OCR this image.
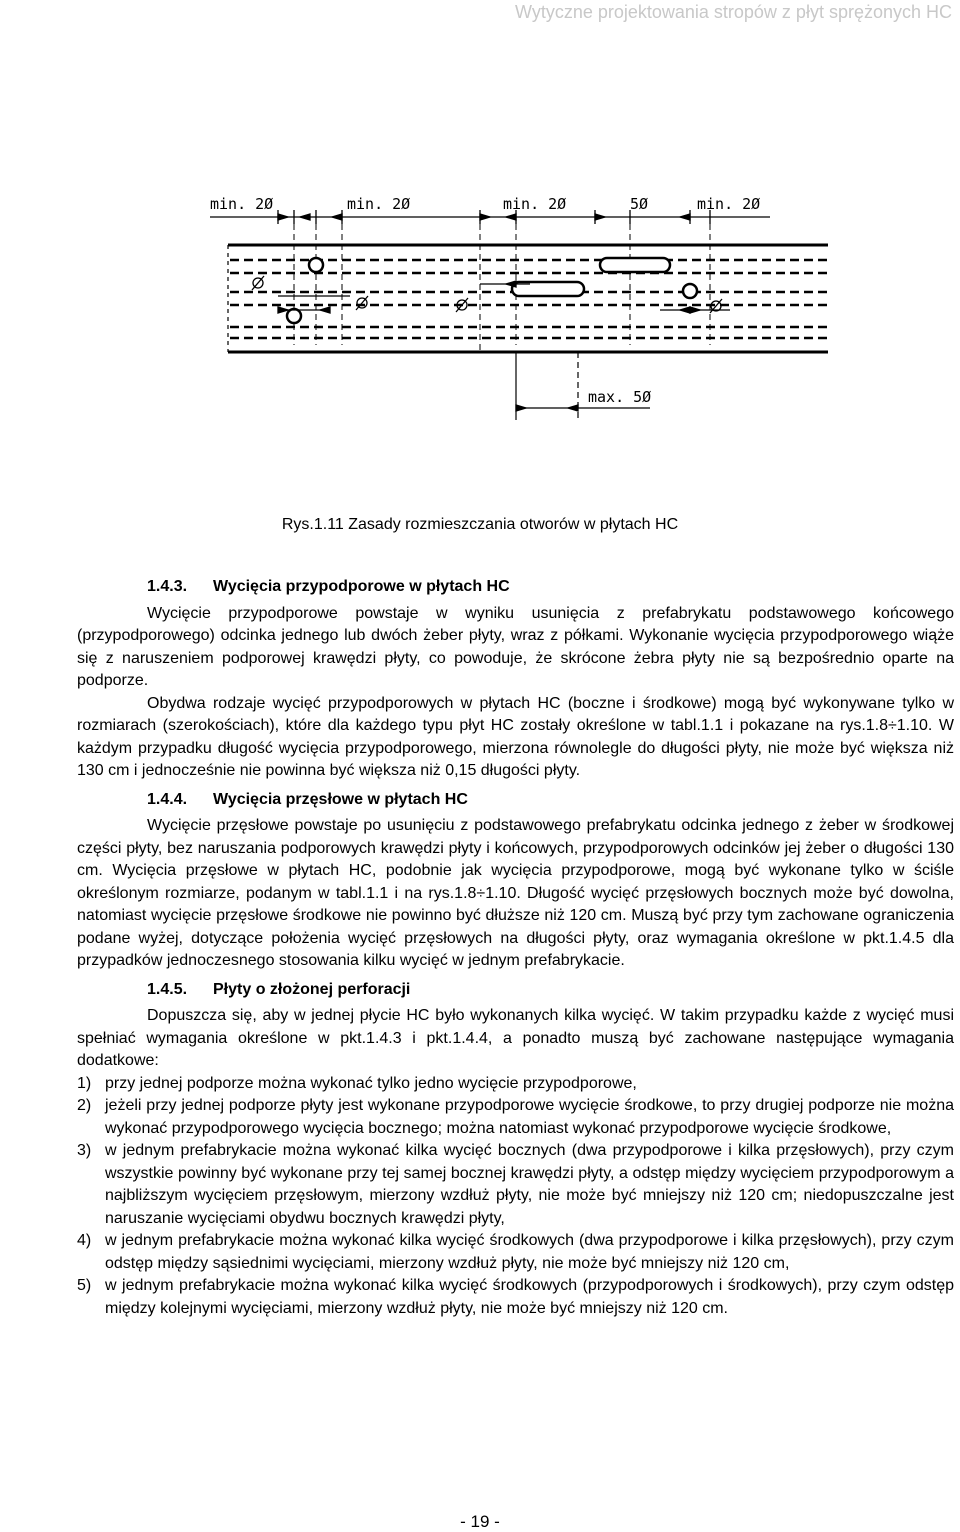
Wytyczne projektowania stropów z płyt sprężonych HC
min. 2Ø	min. 2Ø	min. 2Ø	5Ø	min. 2Ø
max. 5Ø
Rys.1.11 Zasady rozmieszczania otworów w płytach HC

1.4.3. Wycięcia przypodporowe w płytach HC

Wycięcie przypodporowe powstaje w wyniku usunięcia z prefabrykatu podstawowego końcowego (przypodporowego) odcinka jednego lub dwóch żeber płyty, wraz z półkami. Wykonanie wycięcia przypodporowego wiąże się z naruszeniem podporowej krawędzi płyty, co powoduje, że skrócone żebra płyty nie są bezpośrednio oparte na podporze.

Obydwa rodzaje wycięć przypodporowych w płytach HC (boczne i środkowe) mogą być wykonywane tylko w rozmiarach (szerokościach), które dla każdego typu płyt HC zostały określone w tabl.1.1 i pokazane na rys.1.8÷1.10. W każdym przypadku długość wycięcia przypodporowego, mierzona równolegle do długości płyty, nie może być większa niż 130 cm i jednocześnie nie powinna być większa niż 0,15 długości płyty.

1.4.4. Wycięcia przęsłowe w płytach HC

Wycięcie przęsłowe powstaje po usunięciu z podstawowego prefabrykatu odcinka jednego z żeber w środkowej części płyty, bez naruszania podporowych krawędzi płyty i końcowych, przypodporowych odcinków jej żeber o długości 130 cm. Wycięcia przęsłowe w płytach HC, podobnie jak wycięcia przypodporowe, mogą być wykonane tylko w ściśle określonym rozmiarze, podanym w tabl.1.1 i na rys.1.8÷1.10. Długość wycięć przęsłowych bocznych może być dowolna, natomiast wycięcie przęsłowe środkowe nie powinno być dłuższe niż 120 cm. Muszą być przy tym zachowane ograniczenia podane wyżej, dotyczące położenia wycięć przęsłowych na długości płyty, oraz wymagania określone w pkt.1.4.5 dla przypadków jednoczesnego stosowania kilku wycięć w jednym prefabrykacie.

1.4.5. Płyty o złożonej perforacji

Dopuszcza się, aby w jednej płycie HC było wykonanych kilka wycięć. W takim przypadku każde z wycięć musi spełniać wymagania określone w pkt.1.4.3 i pkt.1.4.4, a ponadto muszą być zachowane następujące wymagania dodatkowe:

1) przy jednej podporze można wykonać tylko jedno wycięcie przypodporowe,
2) jeżeli przy jednej podporze płyty jest wykonane przypodporowe wycięcie środkowe, to przy drugiej podporze nie można wykonać przypodporowego wycięcia bocznego; można natomiast wykonać przypodporowe wycięcie środkowe,
3) w jednym prefabrykacie można wykonać kilka wycięć bocznych (dwa przypodporowe i kilka przęsłowych), przy czym wszystkie powinny być wykonane przy tej samej bocznej krawędzi płyty, a odstęp między wycięciem przypodporowym a najbliższym wycięciem przęsłowym, mierzony wzdłuż płyty, nie może być mniejszy niż 120 cm; niedopuszczalne jest naruszanie wycięciami obydwu bocznych krawędzi płyty,
4) w jednym prefabrykacie można wykonać kilka wycięć środkowych (dwa przypodporowe i kilka przęsłowych), przy czym odstęp między sąsiednimi wycięciami, mierzony wzdłuż płyty, nie może być mniejszy niż 120 cm,
5) w jednym prefabrykacie można wykonać kilka wycięć środkowych (przypodporowych i środkowych), przy czym odstęp między kolejnymi wycięciami, mierzony wzdłuż płyty, nie może być mniejszy niż 120 cm.
- 19 -
